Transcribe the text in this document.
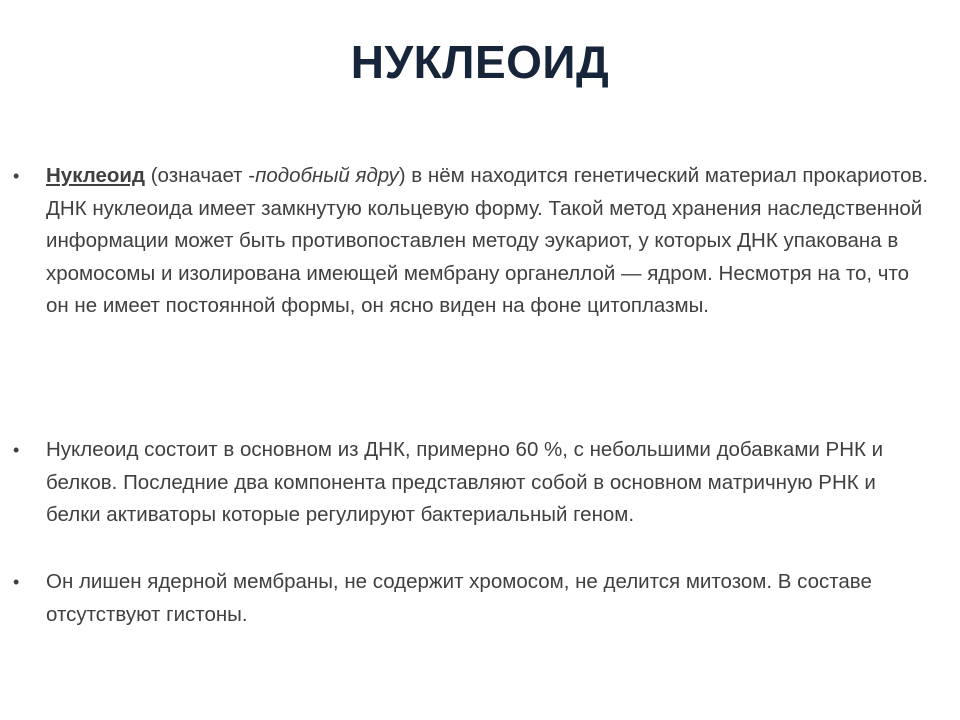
НУКЛЕОИД
•	Нуклеоид (означает -подобный ядру) в нём находится генетический материал прокариотов. ДНК нуклеоида имеет замкнутую кольцевую форму. Такой метод хранения наследственной информации может быть противопоставлен методу эукариот, у которых ДНК упакована в хромосомы и изолирована имеющей мембрану органеллой — ядром. Несмотря на то, что он не имеет постоянной формы, он ясно виден на фоне цитоплазмы.
•	Нуклеоид состоит в основном из ДНК, примерно 60 %, с небольшими добавками РНК и белков. Последние два компонента представляют собой в основном матричную РНК и белки активаторы которые регулируют бактериальный геном.
•	Он лишен ядерной мембраны, не содержит хромосом, не делится митозом. В составе отсутствуют гистоны.
